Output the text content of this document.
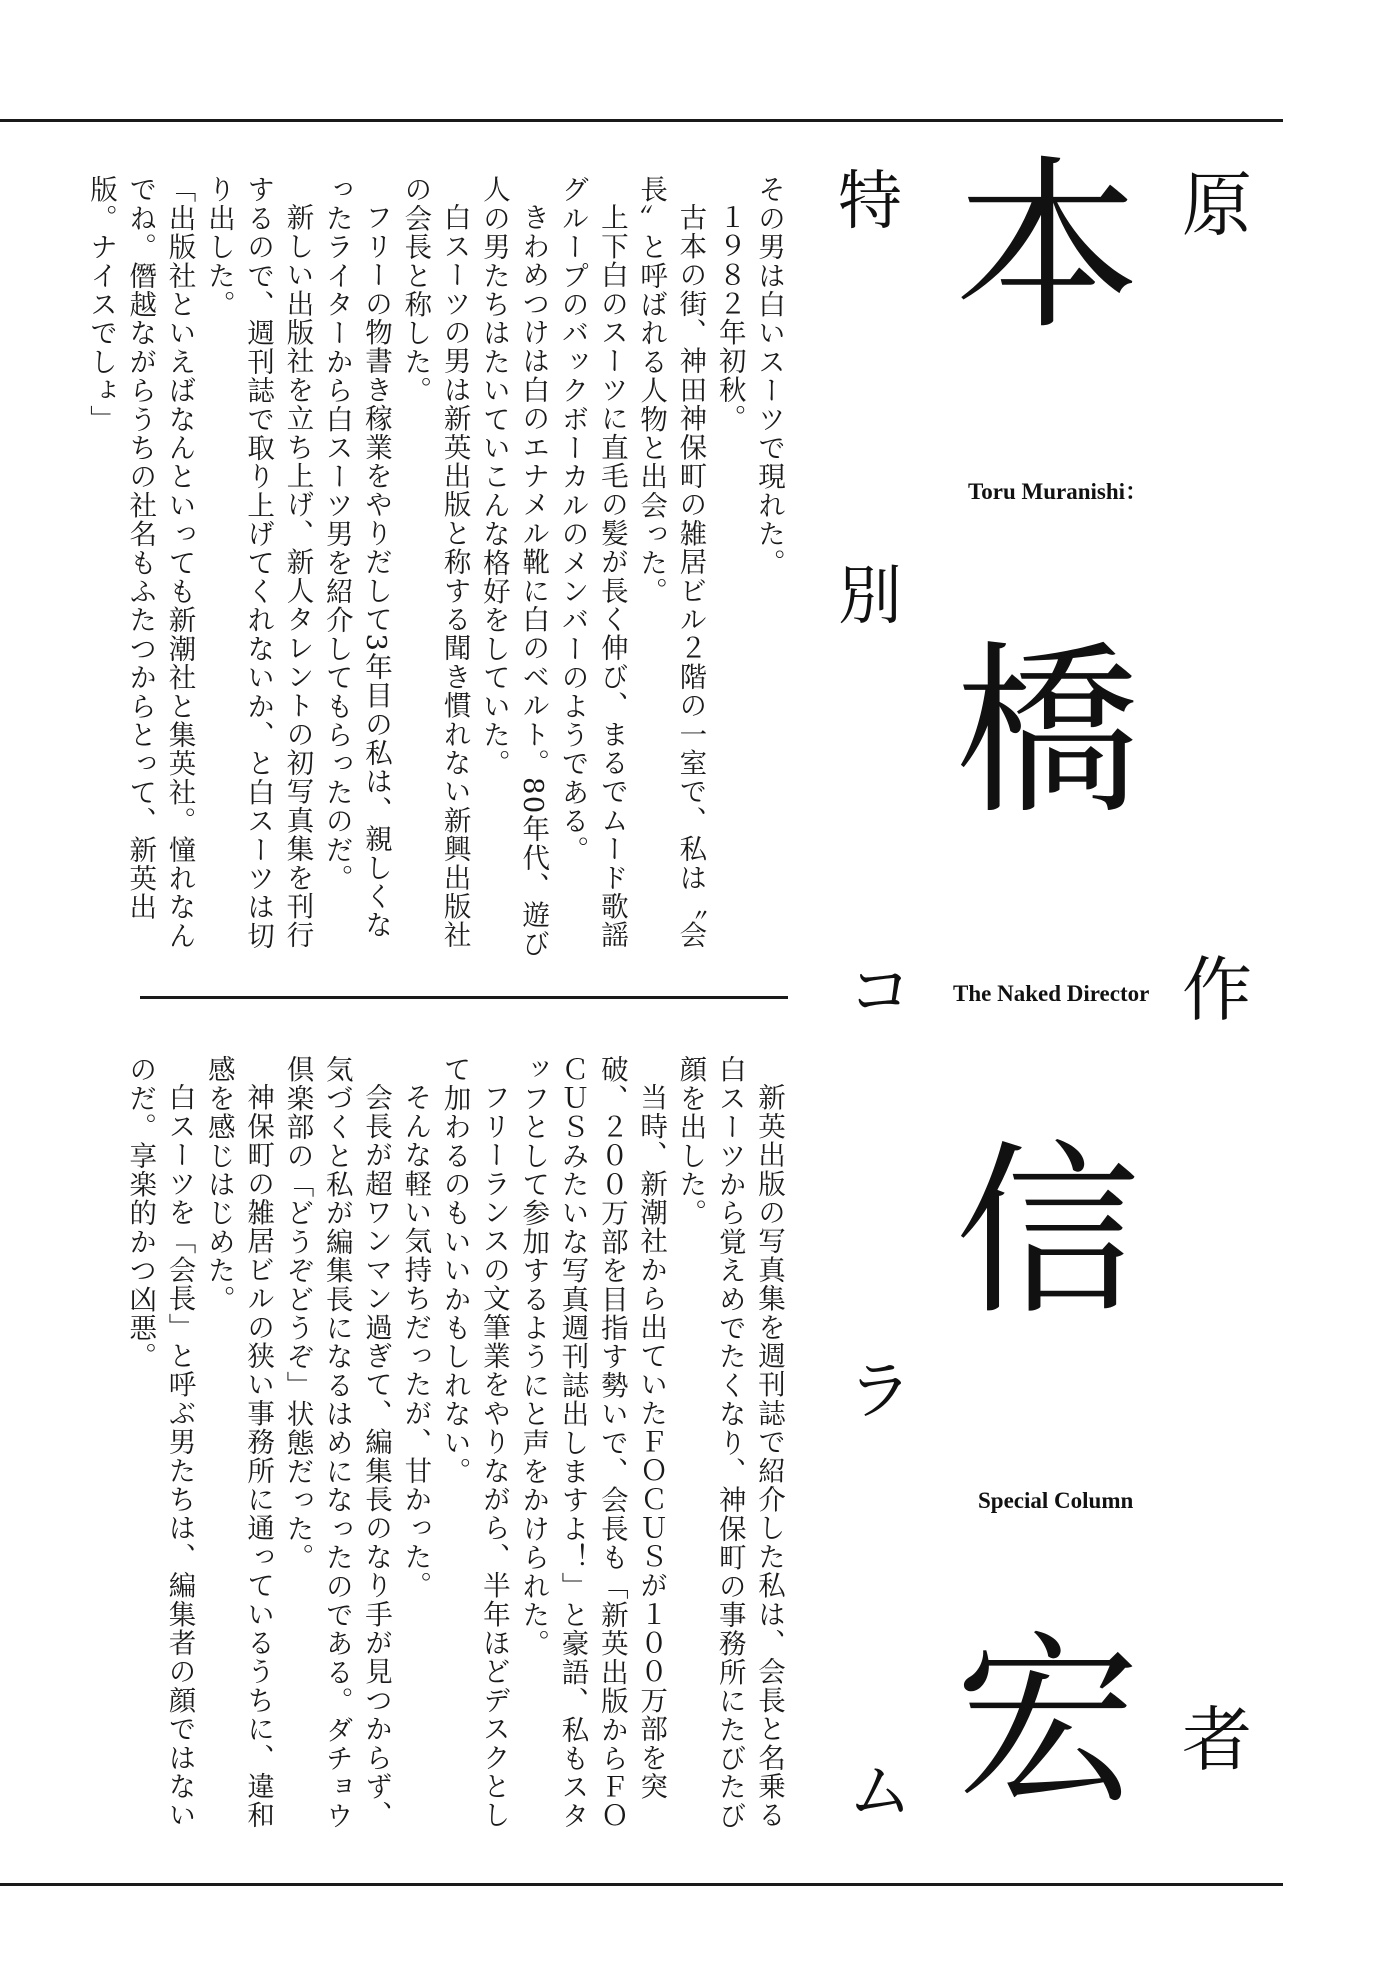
原
作
者
本
橋
信
宏
Toru Muranishi：
The Naked Director
Special Column
特
別
コ
ラ
ム

その男は白いスーツで現れた。

１９８２年初秋。

古本の街、神田神保町の雑居ビル２階の一室で、私は〝会長〟と呼ばれる人物と出会った。

上下白のスーツに直毛の髪が長く伸び、まるでムード歌謡グループのバックボーカルのメンバーのようである。

きわめつけは白のエナメル靴に白のベルト。80年代、遊び人の男たちはたいていこんな格好をしていた。

白スーツの男は新英出版と称する聞き慣れない新興出版社の会長と称した。

フリーの物書き稼業をやりだして3年目の私は、親しくなったライターから白スーツ男を紹介してもらったのだ。

新しい出版社を立ち上げ、新人タレントの初写真集を刊行するので、週刊誌で取り上げてくれないか、と白スーツは切り出した。

「出版社といえばなんといっても新潮社と集英社。憧れなんでね。僭越ながらうちの社名もふたつからとって、新英出版。ナイスでしょ」

新英出版の写真集を週刊誌で紹介した私は、会長と名乗る白スーツから覚えめでたくなり、神保町の事務所にたびたび顔を出した。

当時、新潮社から出ていたＦＯＣＵＳが１００万部を突破、２００万部を目指す勢いで、会長も「新英出版からＦＯＣＵＳみたいな写真週刊誌出しますよ！」と豪語、私もスタッフとして参加するようにと声をかけられた。

フリーランスの文筆業をやりながら、半年ほどデスクとして加わるのもいいかもしれない。

そんな軽い気持ちだったが、甘かった。

会長が超ワンマン過ぎて、編集長のなり手が見つからず、気づくと私が編集長になるはめになったのである。ダチョウ倶楽部の「どうぞどうぞ」状態だった。

神保町の雑居ビルの狭い事務所に通っているうちに、違和感を感じはじめた。

白スーツを「会長」と呼ぶ男たちは、編集者の顔ではないのだ。享楽的かつ凶悪。
